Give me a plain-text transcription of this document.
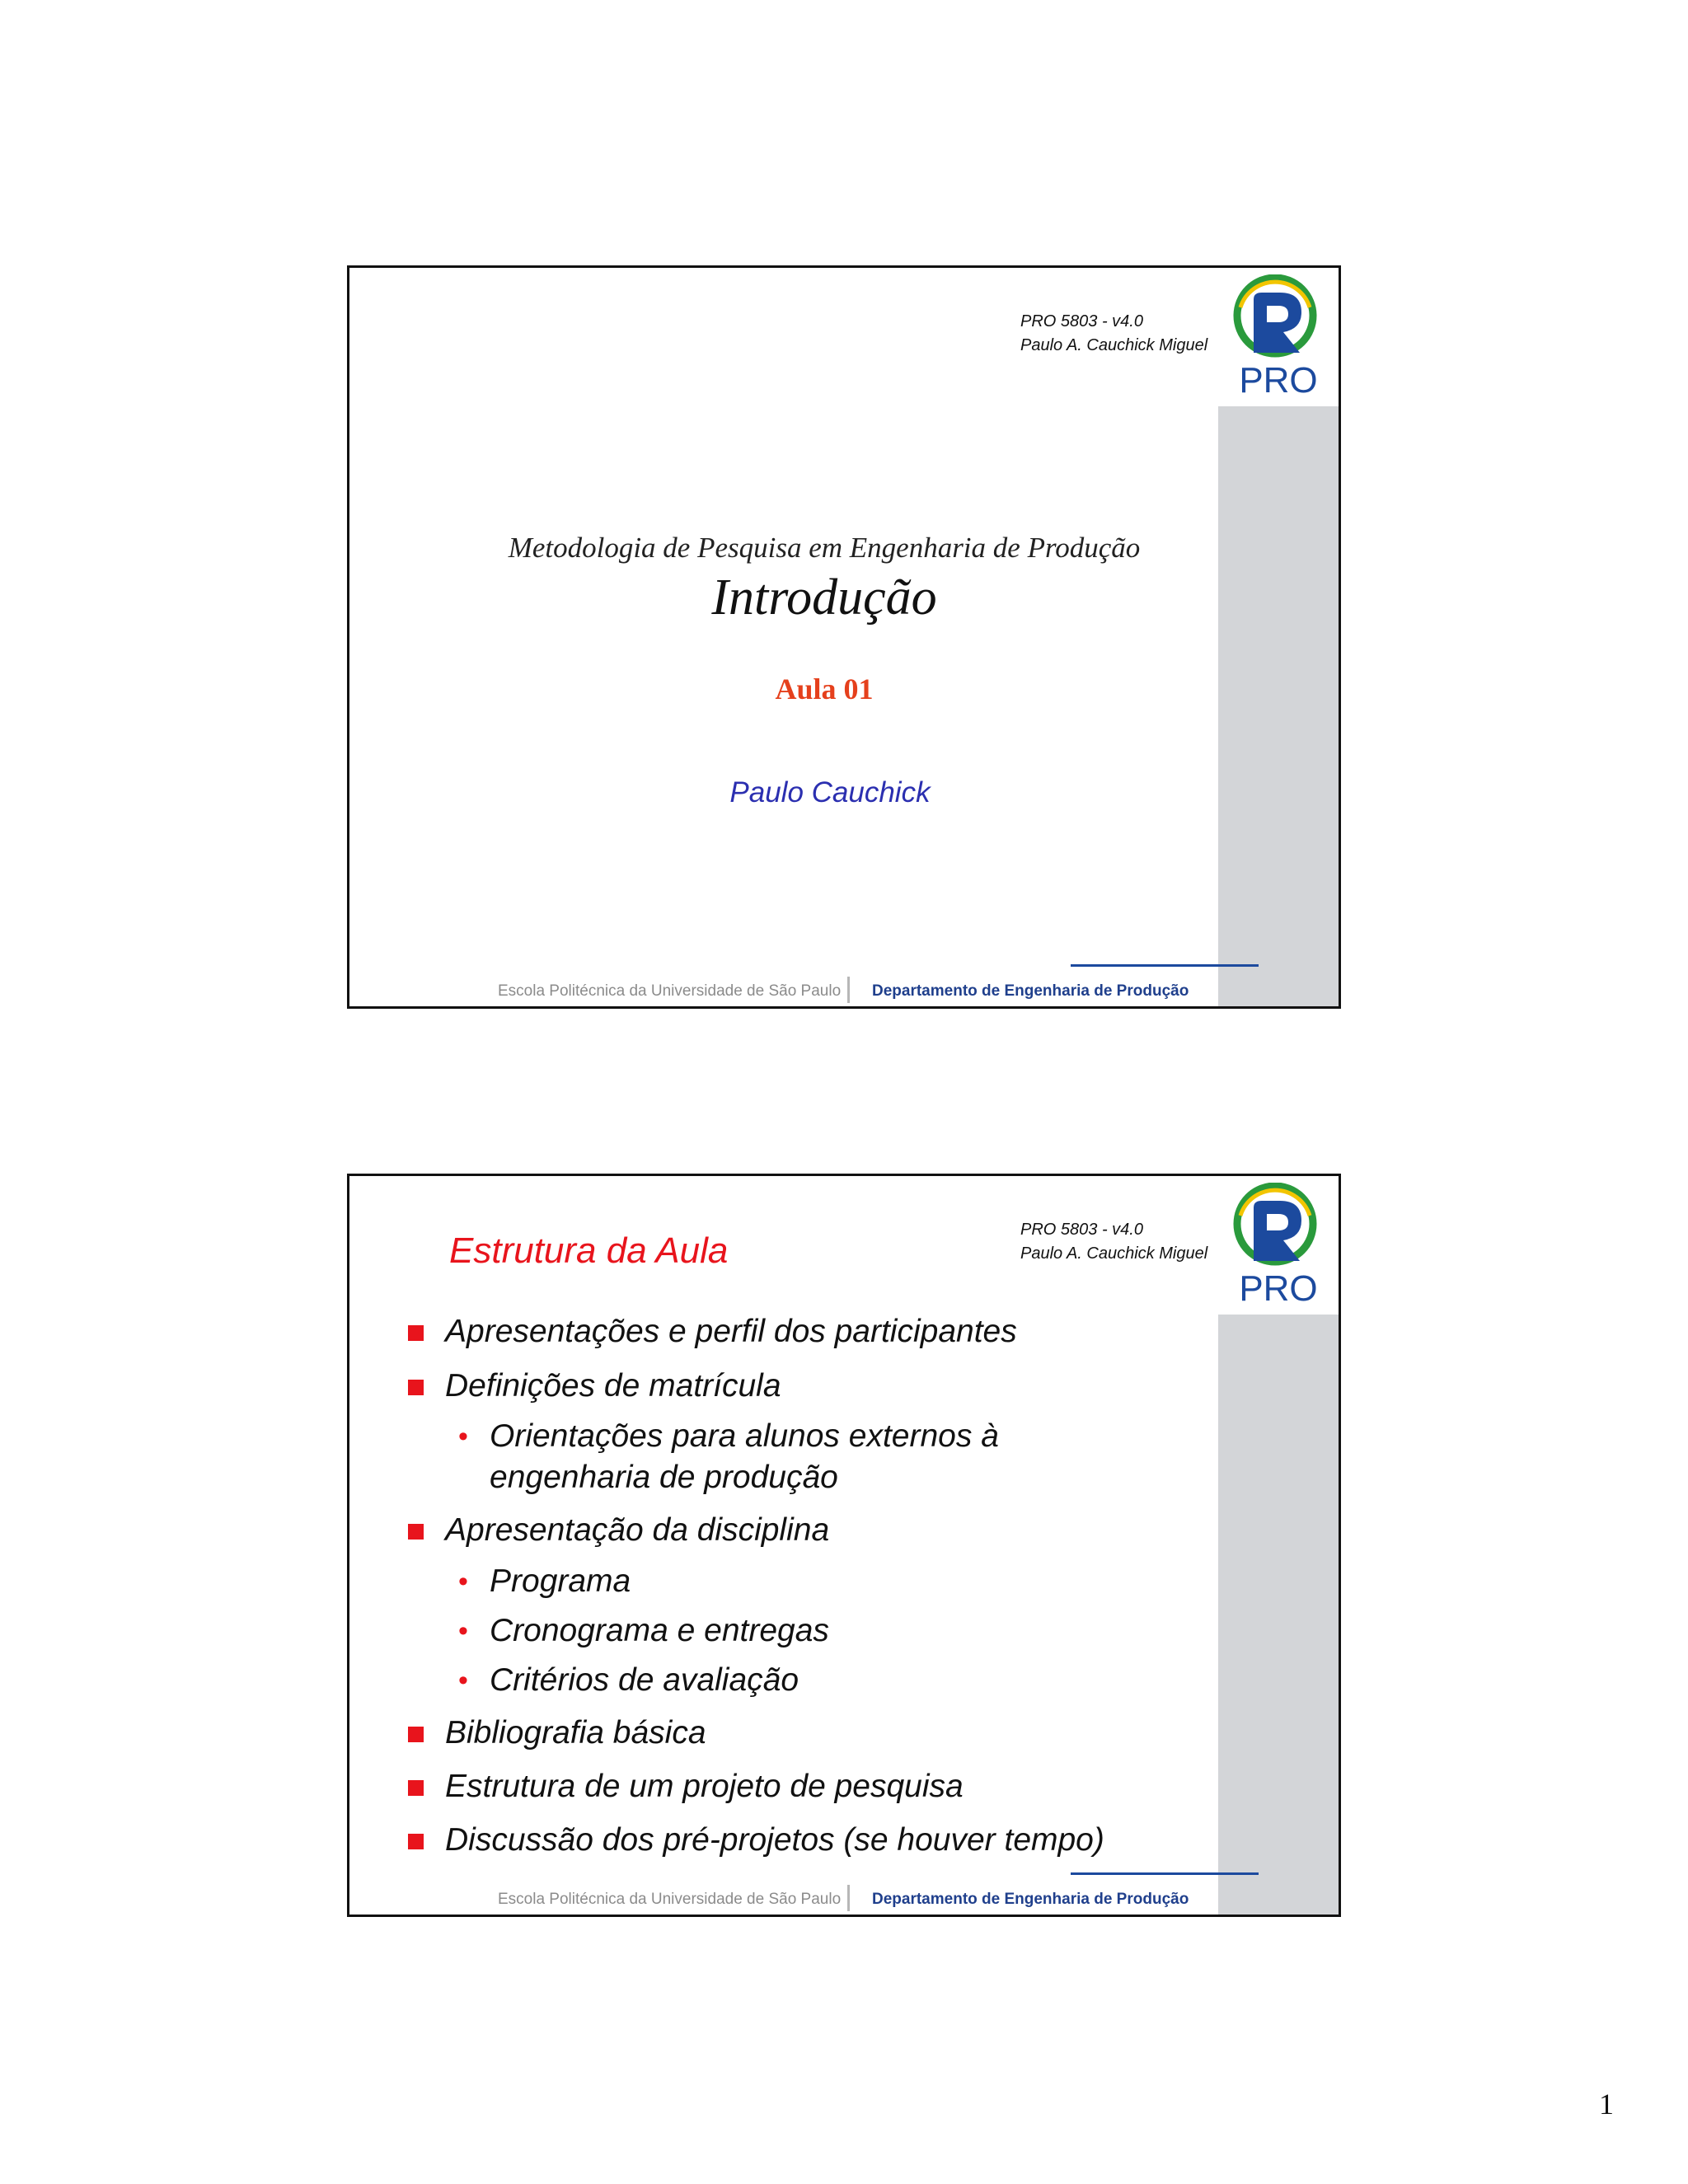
PRO 5803 - v4.0
Paulo A. Cauchick Miguel
PRO
Metodologia de Pesquisa em Engenharia de Produção
Introdução
Aula 01
Paulo Cauchick
Escola Politécnica da Universidade de São Paulo Departamento de Engenharia de Produção
PRO 5803 - v4.0
Paulo A. Cauchick Miguel
PRO
Estrutura da Aula
Apresentações e perfil dos participantes
Definições de matrícula
• Orientações para alunos externos à
engenharia de produção
Apresentação da disciplina
• Programa
• Cronograma e entregas
• Critérios de avaliação
Bibliografia básica
Estrutura de um projeto de pesquisa
Discussão dos pré-projetos (se houver tempo)
Escola Politécnica da Universidade de São Paulo Departamento de Engenharia de Produção
1
